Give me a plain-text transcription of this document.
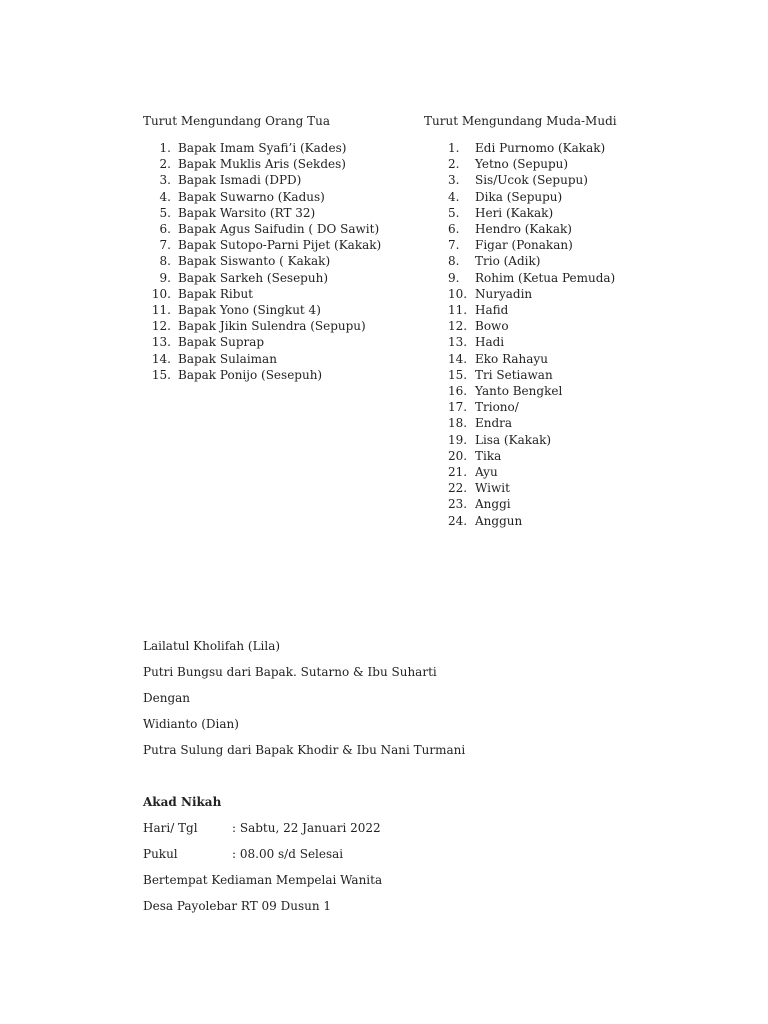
Turut Mengundang Orang Tua
1. Bapak Imam Syafi’i (Kades)
2. Bapak Muklis Aris (Sekdes)
3. Bapak Ismadi (DPD)
4. Bapak Suwarno (Kadus)
5. Bapak Warsito (RT 32)
6. Bapak Agus Saifudin ( DO Sawit)
7. Bapak Sutopo-Parni Pijet (Kakak)
8. Bapak Siswanto ( Kakak)
9. Bapak Sarkeh (Sesepuh)
10. Bapak Ribut
11. Bapak Yono (Singkut 4)
12. Bapak Jikin Sulendra (Sepupu)
13. Bapak Suprap
14. Bapak Sulaiman
15. Bapak Ponijo (Sesepuh)
Turut Mengundang Muda-Mudi
1.	Edi Purnomo (Kakak)
2.	Yetno (Sepupu)
3.	Sis/Ucok (Sepupu)
4.	Dika (Sepupu)
5.	Heri (Kakak)
6.	Hendro (Kakak)
7.	Figar (Ponakan)
8.	Trio (Adik)
9.	Rohim (Ketua Pemuda)
10. Nuryadin
11. Hafid
12. Bowo
13. Hadi
14. Eko Rahayu
15. Tri Setiawan
16. Yanto Bengkel
17. Triono/
18. Endra
19. Lisa (Kakak)
20. Tika
21. Ayu
22. Wiwit
23. Anggi
24. Anggun

Lailatul Kholifah (Lila)

Putri Bungsu dari Bapak. Sutarno & Ibu Suharti

Dengan

Widianto (Dian)

Putra Sulung dari Bapak Khodir & Ibu Nani Turmani

Akad Nikah

Hari/ Tgl	: Sabtu, 22 Januari 2022

Pukul	: 08.00 s/d Selesai

Bertempat Kediaman Mempelai Wanita

Desa Payolebar RT 09 Dusun 1
